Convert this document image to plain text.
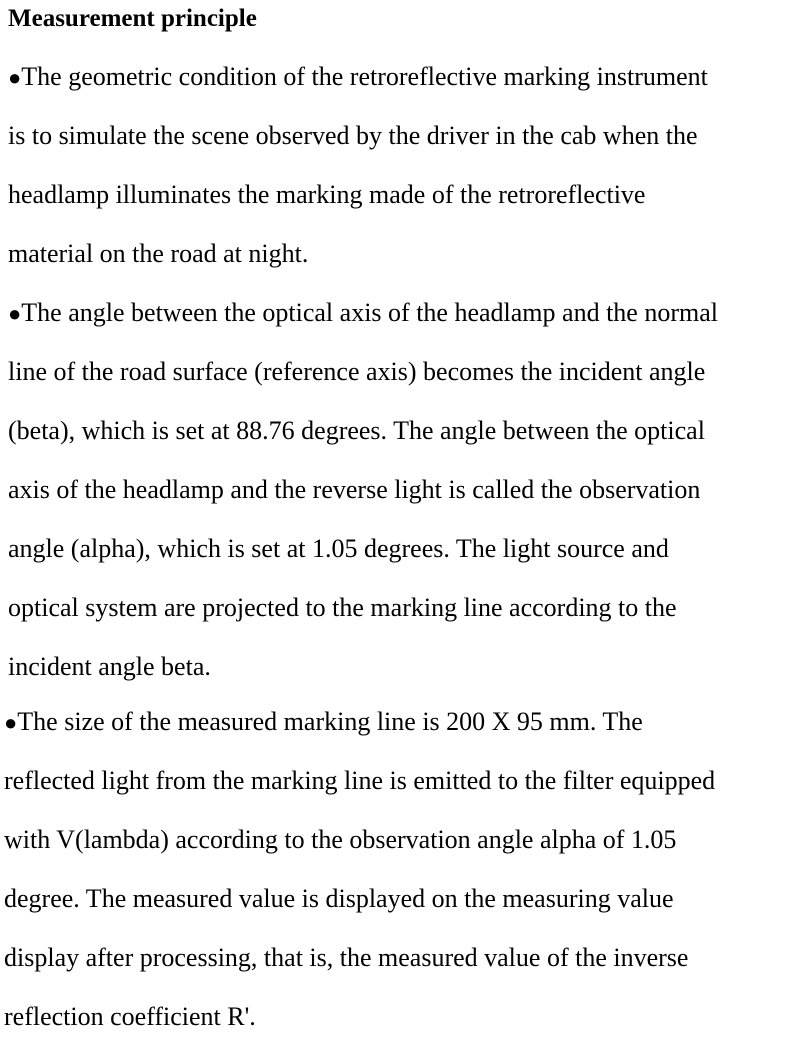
Measurement principle
●The geometric condition of the retroreflective marking instrument
is to simulate the scene observed by the driver in the cab when the
headlamp illuminates the marking made of the retroreflective
material on the road at night.
●The angle between the optical axis of the headlamp and the normal
line of the road surface (reference axis) becomes the incident angle
(beta), which is set at 88.76 degrees. The angle between the optical
axis of the headlamp and the reverse light is called the observation
angle (alpha), which is set at 1.05 degrees. The light source and
optical system are projected to the marking line according to the
incident angle beta.
●The size of the measured marking line is 200 X 95 mm. The
reflected light from the marking line is emitted to the filter equipped
with V(lambda) according to the observation angle alpha of 1.05
degree. The measured value is displayed on the measuring value
display after processing, that is, the measured value of the inverse
reflection coefficient R'.
